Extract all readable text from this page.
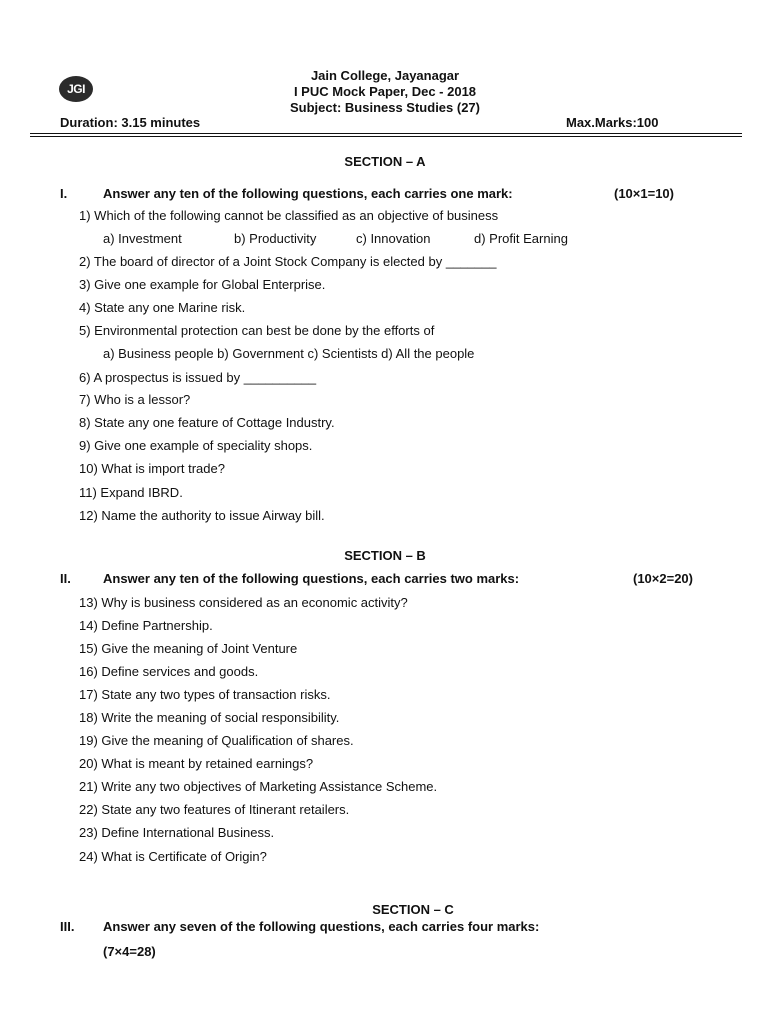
JGI
Jain College, Jayanagar
I PUC Mock Paper, Dec - 2018
Subject: Business Studies (27)
Duration: 3.15 minutes	Max.Marks:100
SECTION – A
I.	Answer any ten of the following questions, each carries one mark:	(10×1=10)
1) Which of the following cannot be classified as an objective of business
a) Investment	b) Productivity	c) Innovation	d) Profit Earning
2) The board of director of a Joint Stock Company is elected by _______
3) Give one example for Global Enterprise.
4) State any one Marine risk.
5) Environmental protection can best be done by the efforts of
a) Business people b) Government c) Scientists d) All the people
6) A prospectus is issued by __________
7) Who is a lessor?
8) State any one feature of Cottage Industry.
9) Give one example of speciality shops.
10) What is import trade?
11) Expand IBRD.
12) Name the authority to issue Airway bill.
SECTION – B
II. Answer any ten of the following questions, each carries two marks:	(10×2=20)
13) Why is business considered as an economic activity?
14) Define Partnership.
15) Give the meaning of Joint Venture
16) Define services and goods.
17) State any two types of transaction risks.
18) Write the meaning of social responsibility.
19) Give the meaning of Qualification of shares.
20) What is meant by retained earnings?
21) Write any two objectives of Marketing Assistance Scheme.
22) State any two features of Itinerant retailers.
23) Define International Business.
24) What is Certificate of Origin?
SECTION – C
III. Answer any seven of the following questions, each carries four marks:
(7×4=28)
